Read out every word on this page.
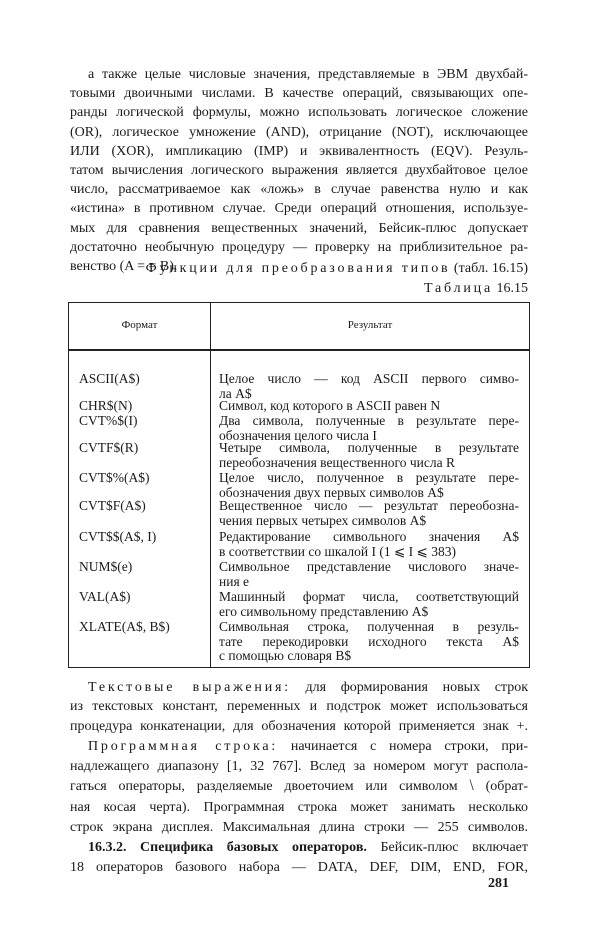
Функции для преобразования типов (табл. 16.15)
Таблица 16.15
Формат	Результат
ASCII(A$)	Целое число — код ASCII первого симво-
ла A$
CHR$(N)	Символ, код которого в ASCII равен N
CVT%$(I)	Два символа, полученные в результате пере-
обозначения целого числа I
CVTF$(R)	Четыре символа, полученные в результате
переобозначения вещественного числа R
CVT$%(A$)	Целое число, полученное в результате пере-
обозначения двух первых символов A$
CVT$F(A$)	Вещественное число — результат переобозна-
чения первых четырех символов A$
CVT$$(A$, I)	Редактирование символьного значения A$
в соответствии со шкалой I (1 ⩽ I ⩽ 383)
NUM$(e)	Символьное представление числового значе-
ния e
VAL(A$)	Машинный формат числа, соответствующий
его символьному представлению A$
XLATE(A$, B$)	Символьная строка, полученная в резуль-
тате перекодировки исходного текста A$
с помощью словаря B$
281
а также целые числовые значения, представляемые в ЭВМ двухбай-
товыми двоичными числами. В качестве операций, связывающих опе-
ранды логической формулы, можно использовать логическое сложение
(OR), логическое умножение (AND), отрицание (NOT), исключающее
ИЛИ (XOR), импликацию (IMP) и эквивалентность (EQV). Резуль-
татом вычисления логического выражения является двухбайтовое целое
число, рассматриваемое как «ложь» в случае равенства нулю и как
«истина» в противном случае. Среди операций отношения, используе-
мых для сравнения вещественных значений, Бейсик-плюс допускает
достаточно необычную процедуру — проверку на приблизительное ра-
венство (A = = B).
Текстовые выражения: для формирования новых строк
из текстовых констант, переменных и подстрок может использоваться
процедура конкатенации, для обозначения которой применяется знак +.
Программная строка: начинается с номера строки, при-
надлежащего диапазону [1, 32 767]. Вслед за номером могут распола-
гаться операторы, разделяемые двоеточием или символом ⧵ (обрат-
ная косая черта). Программная строка может занимать несколько
строк экрана дисплея. Максимальная длина строки — 255 символов.
16.3.2. Специфика базовых операторов. Бейсик-плюс включает
18 операторов базового набора — DATA, DEF, DIM, END, FOR,
